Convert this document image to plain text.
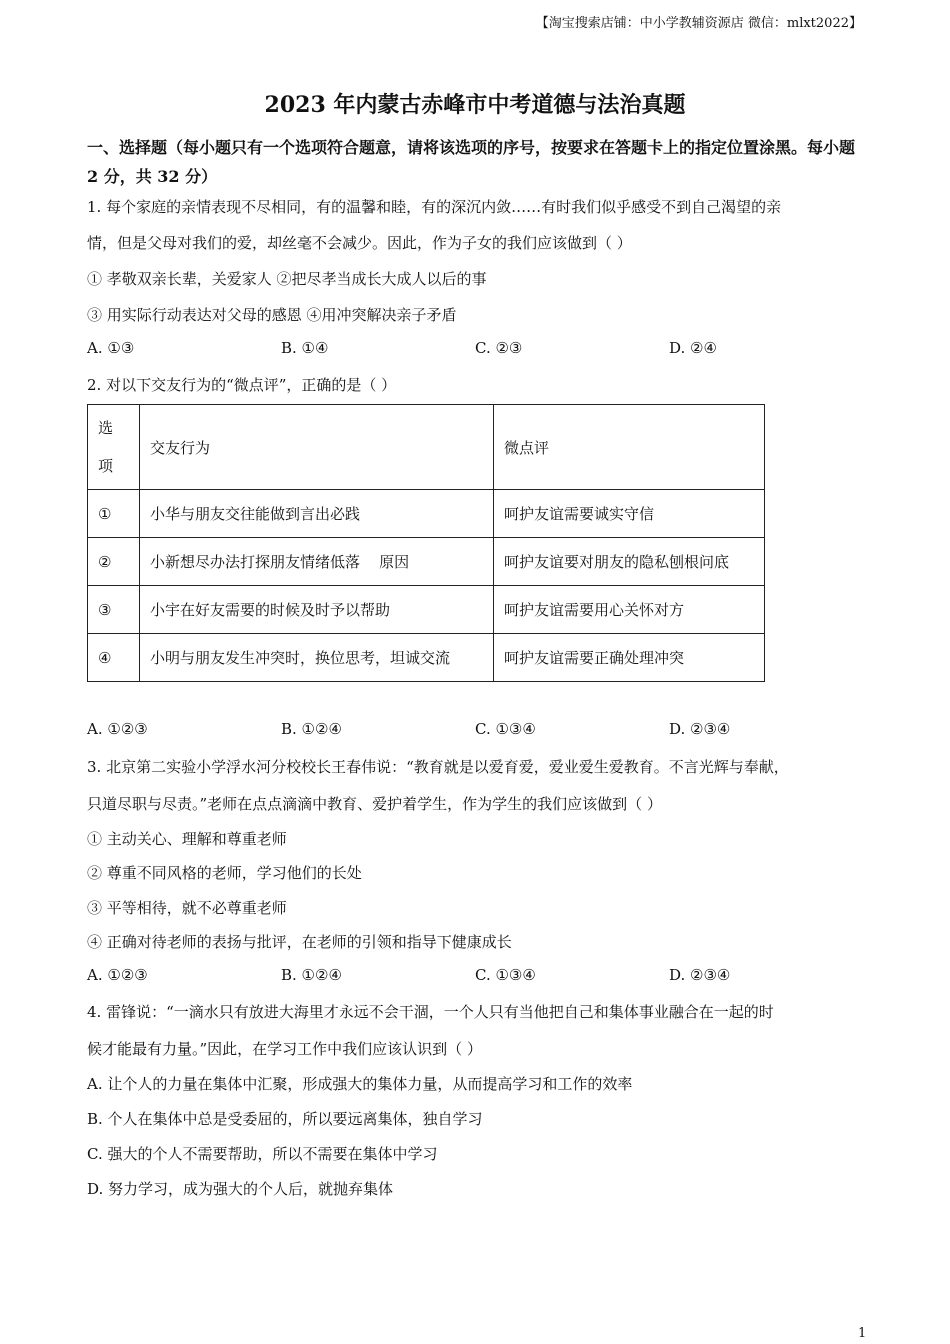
【淘宝搜索店铺：中小学教辅资源店 微信：mlxt2022】
2023 年内蒙古赤峰市中考道德与法治真题
一、选择题（每小题只有一个选项符合题意，请将该选项的序号，按要求在答题卡上的指定位置涂黑。每小题 2 分，共 32 分）
1. 每个家庭的亲情表现不尽相同，有的温馨和睦，有的深沉内敛……有时我们似乎感受不到自己渴望的亲
情，但是父母对我们的爱，却丝毫不会减少。因此，作为子女的我们应该做到（ ）
① 孝敬双亲长辈，关爱家人 ②把尽孝当成长大成人以后的事
③ 用实际行动表达对父母的感恩 ④用冲突解决亲子矛盾
A. ①③	B. ①④	C. ②③	D. ②④
2. 对以下交友行为的“微点评”，正确的是（ ）
选项	交友行为	微点评
①	小华与朋友交往能做到言出必践	呵护友谊需要诚实守信
②	小新想尽办法打探朋友情绪低落    原因	呵护友谊要对朋友的隐私刨根问底
③	小宇在好友需要的时候及时予以帮助	呵护友谊需要用心关怀对方
④	小明与朋友发生冲突时，换位思考，坦诚交流	呵护友谊需要正确处理冲突
A. ①②③	B. ①②④	C. ①③④	D. ②③④
3. 北京第二实验小学浮水河分校校长王春伟说：“教育就是以爱育爱，爱业爱生爱教育。不言光辉与奉献，
只道尽职与尽责。”老师在点点滴滴中教育、爱护着学生，作为学生的我们应该做到（ ）
① 主动关心、理解和尊重老师
② 尊重不同风格的老师，学习他们的长处
③ 平等相待，就不必尊重老师
④ 正确对待老师的表扬与批评，在老师的引领和指导下健康成长
A. ①②③	B. ①②④	C. ①③④	D. ②③④
4. 雷锋说：“一滴水只有放进大海里才永远不会干涸，一个人只有当他把自己和集体事业融合在一起的时
候才能最有力量。”因此，在学习工作中我们应该认识到（ ）
A. 让个人的力量在集体中汇聚，形成强大的集体力量，从而提高学习和工作的效率
B. 个人在集体中总是受委屈的，所以要远离集体，独自学习
C. 强大的个人不需要帮助，所以不需要在集体中学习
D. 努力学习，成为强大的个人后，就抛弃集体
1
